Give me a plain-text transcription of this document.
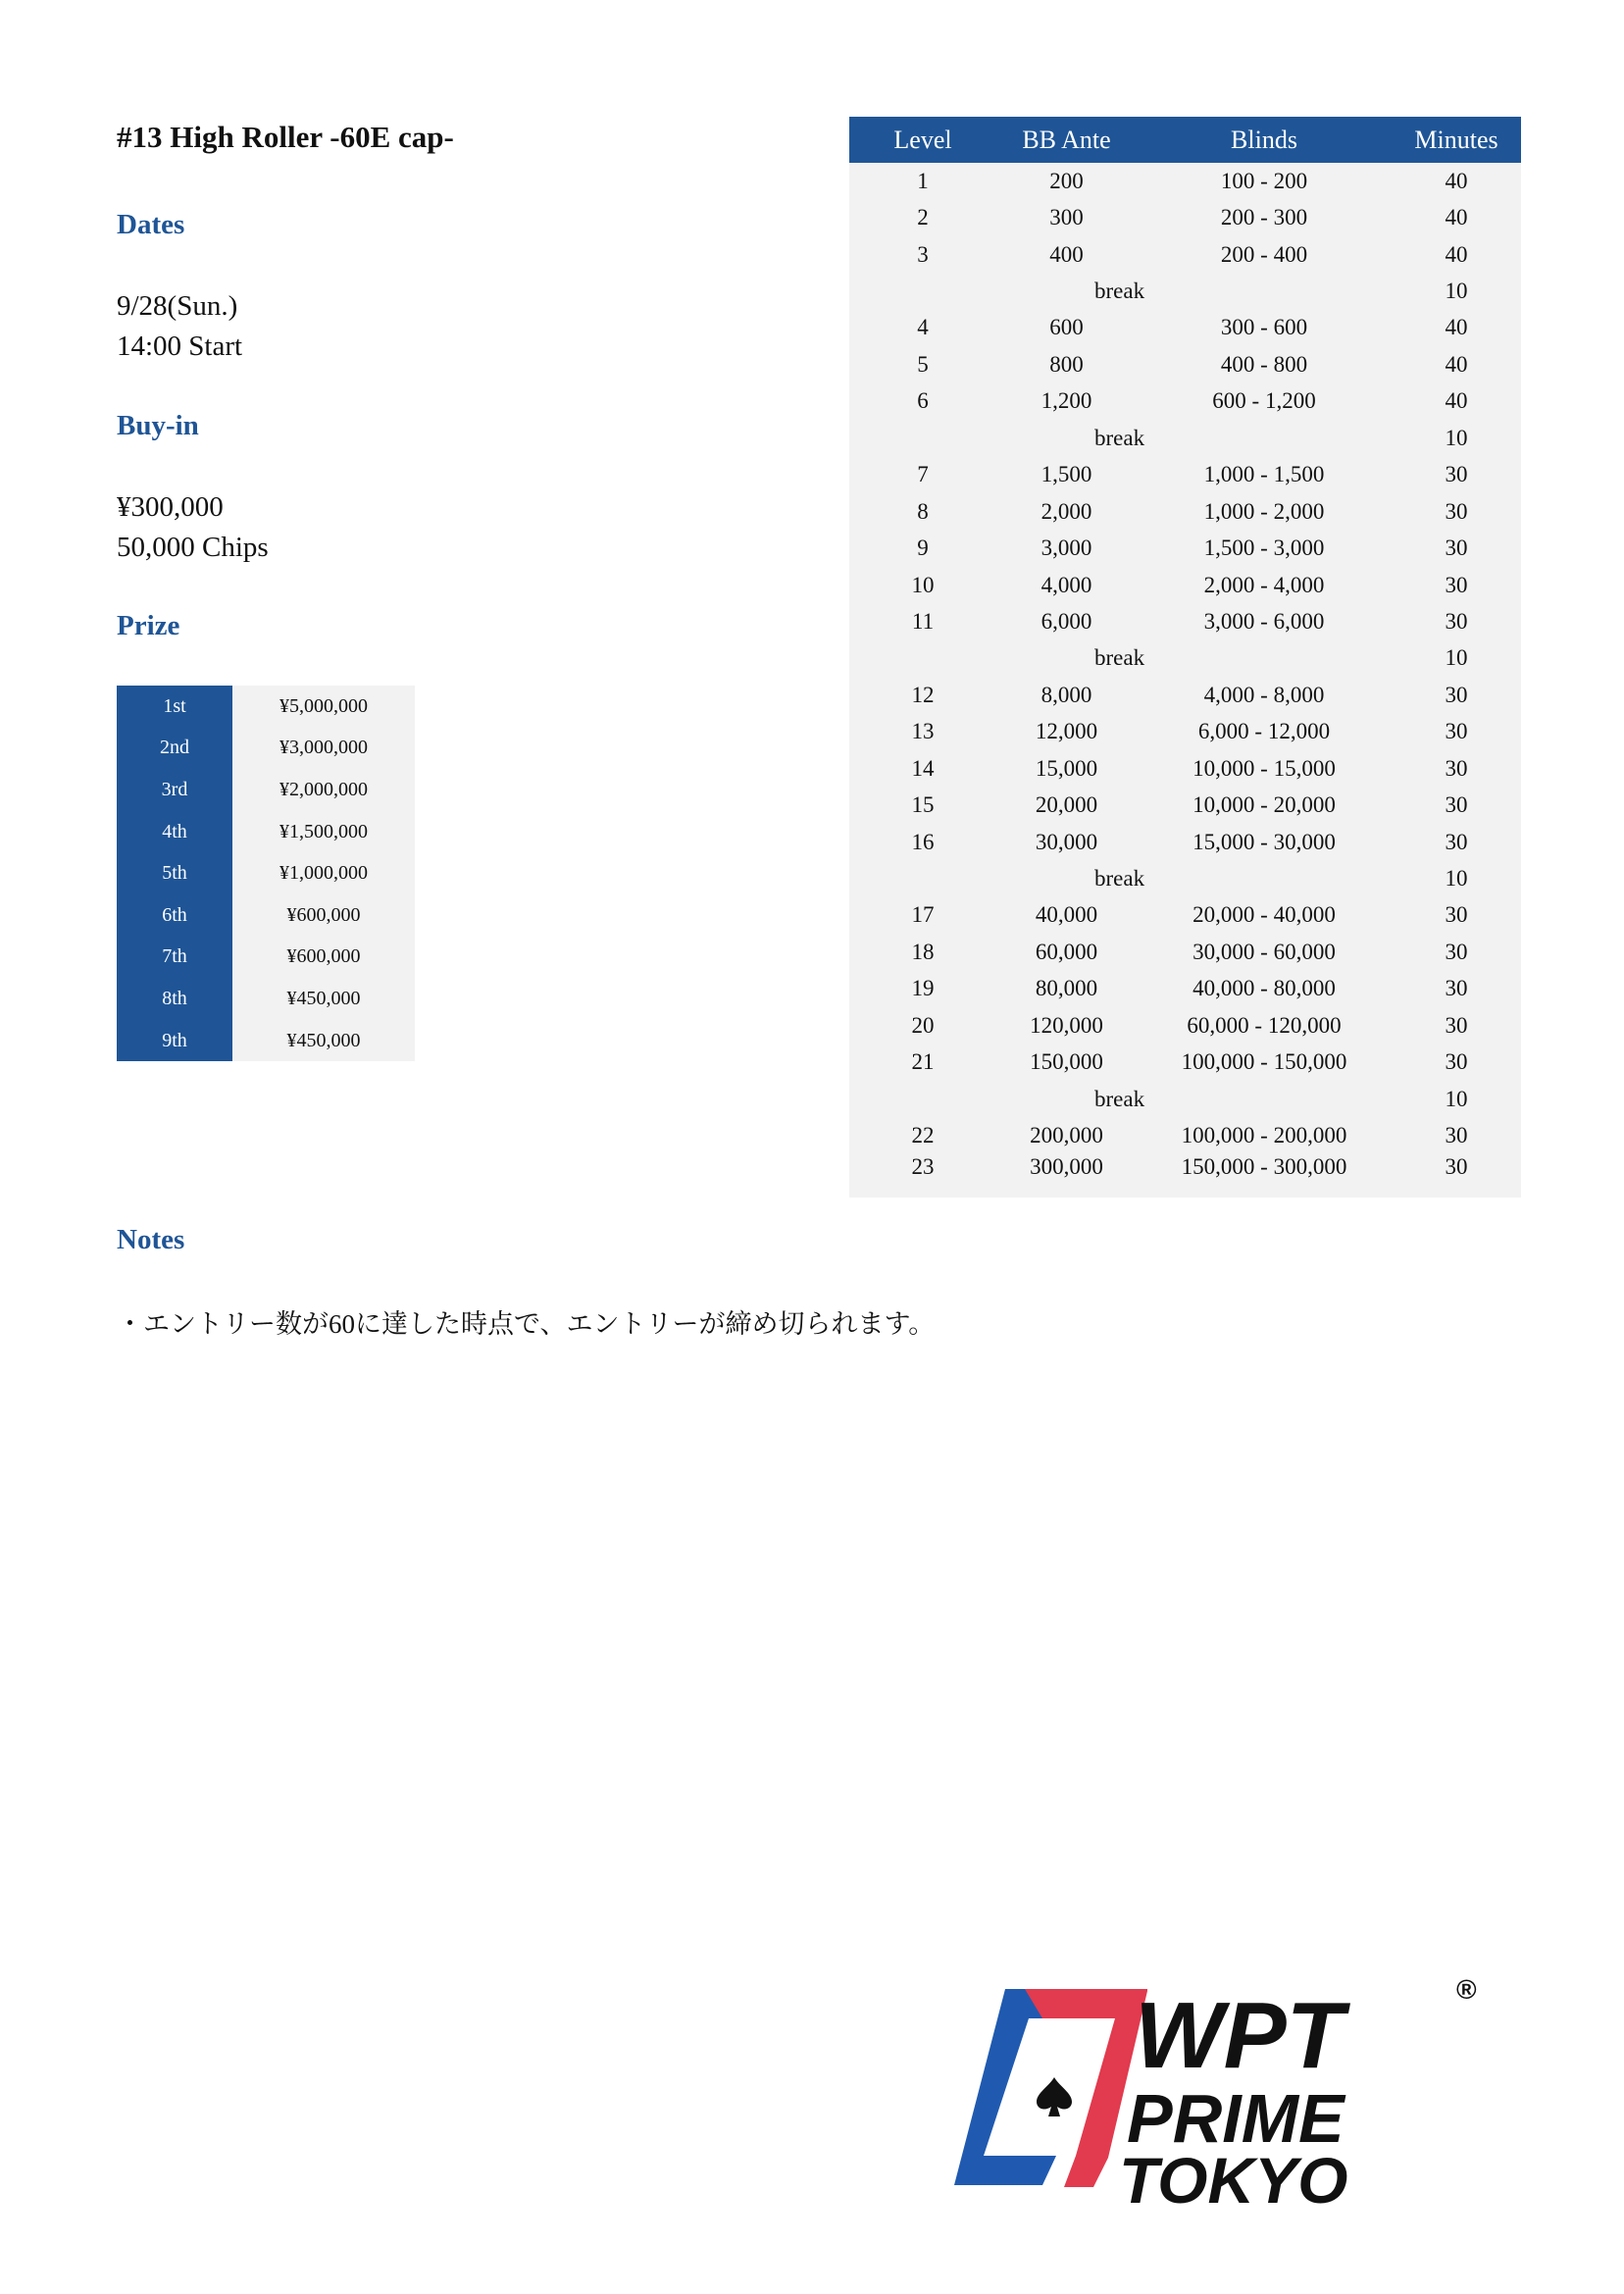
#13 High Roller -60E cap-
Dates
9/28(Sun.)
14:00 Start
Buy-in
¥300,000
50,000 Chips
Prize
1st	¥5,000,000
2nd	¥3,000,000
3rd	¥2,000,000
4th	¥1,500,000
5th	¥1,000,000
6th	¥600,000
7th	¥600,000
8th	¥450,000
9th	¥450,000
Level	BB Ante	Blinds	Minutes
1	200	100 - 200	40
2	300	200 - 300	40
3	400	200 - 400	40
	break		10
4	600	300 - 600	40
5	800	400 - 800	40
6	1,200	600 - 1,200	40
	break		10
7	1,500	1,000 - 1,500	30
8	2,000	1,000 - 2,000	30
9	3,000	1,500 - 3,000	30
10	4,000	2,000 - 4,000	30
11	6,000	3,000 - 6,000	30
	break		10
12	8,000	4,000 - 8,000	30
13	12,000	6,000 - 12,000	30
14	15,000	10,000 - 15,000	30
15	20,000	10,000 - 20,000	30
16	30,000	15,000 - 30,000	30
	break		10
17	40,000	20,000 - 40,000	30
18	60,000	30,000 - 60,000	30
19	80,000	40,000 - 80,000	30
20	120,000	60,000 - 120,000	30
21	150,000	100,000 - 150,000	30
	break		10
22	200,000	100,000 - 200,000	30
23	300,000	150,000 - 300,000	30
Notes
・エントリー数が60に達した時点で、エントリーが締め切られます。
WPT
PRIME
TOKYO
®
